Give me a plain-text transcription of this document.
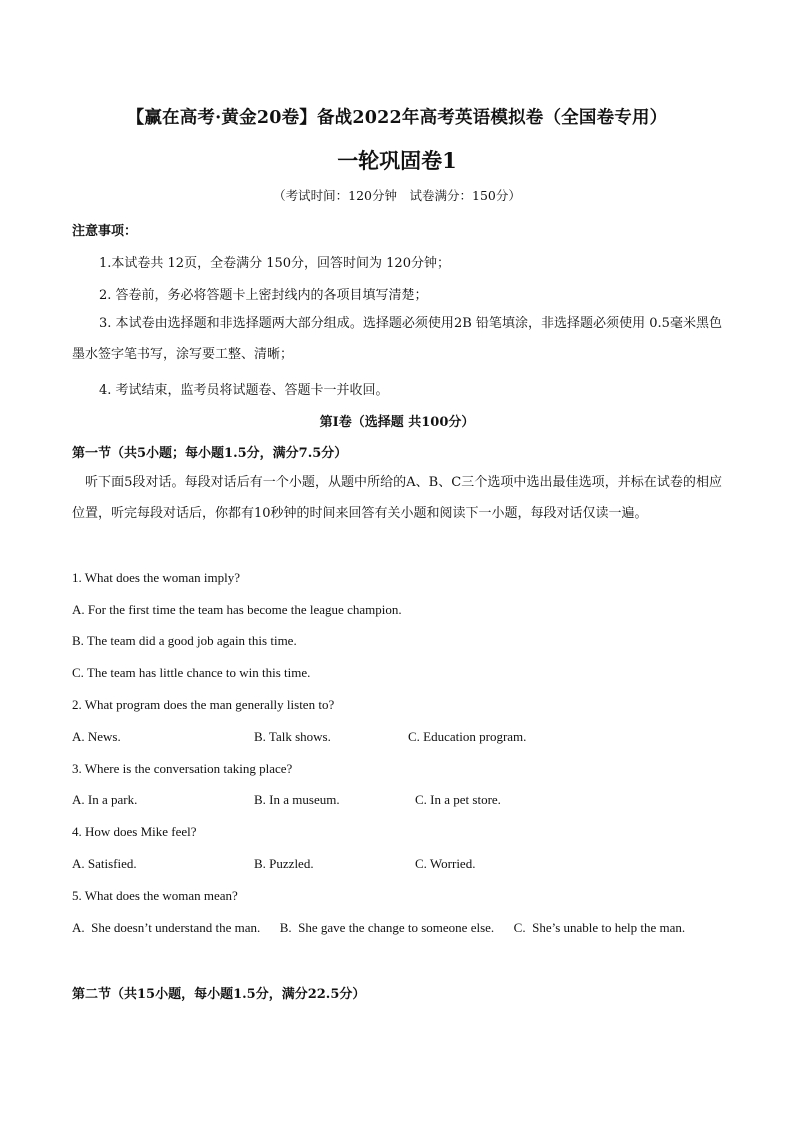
【赢在高考·黄金20卷】备战2022年高考英语模拟卷（全国卷专用）
一轮巩固卷1
（考试时间：120分钟　试卷满分：150分）
注意事项：
1.本试卷共 12页，全卷满分 150分，回答时间为 120分钟；
2. 答卷前，务必将答题卡上密封线内的各项目填写清楚；
3. 本试卷由选择题和非选择题两大部分组成。选择题必须使用2B 铅笔填涂，非选择题必须使用 0.5毫米黑色墨水签字笔书写，涂写要工整、清晰；
4. 考试结束，监考员将试题卷、答题卡一并收回。
第I卷（选择题 共100分）
第一节（共5小题；每小题1.5分，满分7.5分）
听下面5段对话。每段对话后有一个小题，从题中所给的A、B、C三个选项中选出最佳选项，并标在试卷的相应位置，听完每段对话后，你都有10秒钟的时间来回答有关小题和阅读下一小题，每段对话仅读一遍。
1. What does the woman imply?
A. For the first time the team has become the league champion.
B. The team did a good job again this time.
C. The team has little chance to win this time.
2. What program does the man generally listen to?
A. News.	B. Talk shows.	C. Education program.
3. Where is the conversation taking place?
A. In a park.	B. In a museum.	C. In a pet store.
4. How does Mike feel?
A. Satisfied.	B. Puzzled.	C. Worried.
5. What does the woman mean?
A.  She doesn’t understand the man.      B.  She gave the change to someone else.      C.  She’s unable to help the man.
第二节（共15小题，每小题1.5分，满分22.5分）
